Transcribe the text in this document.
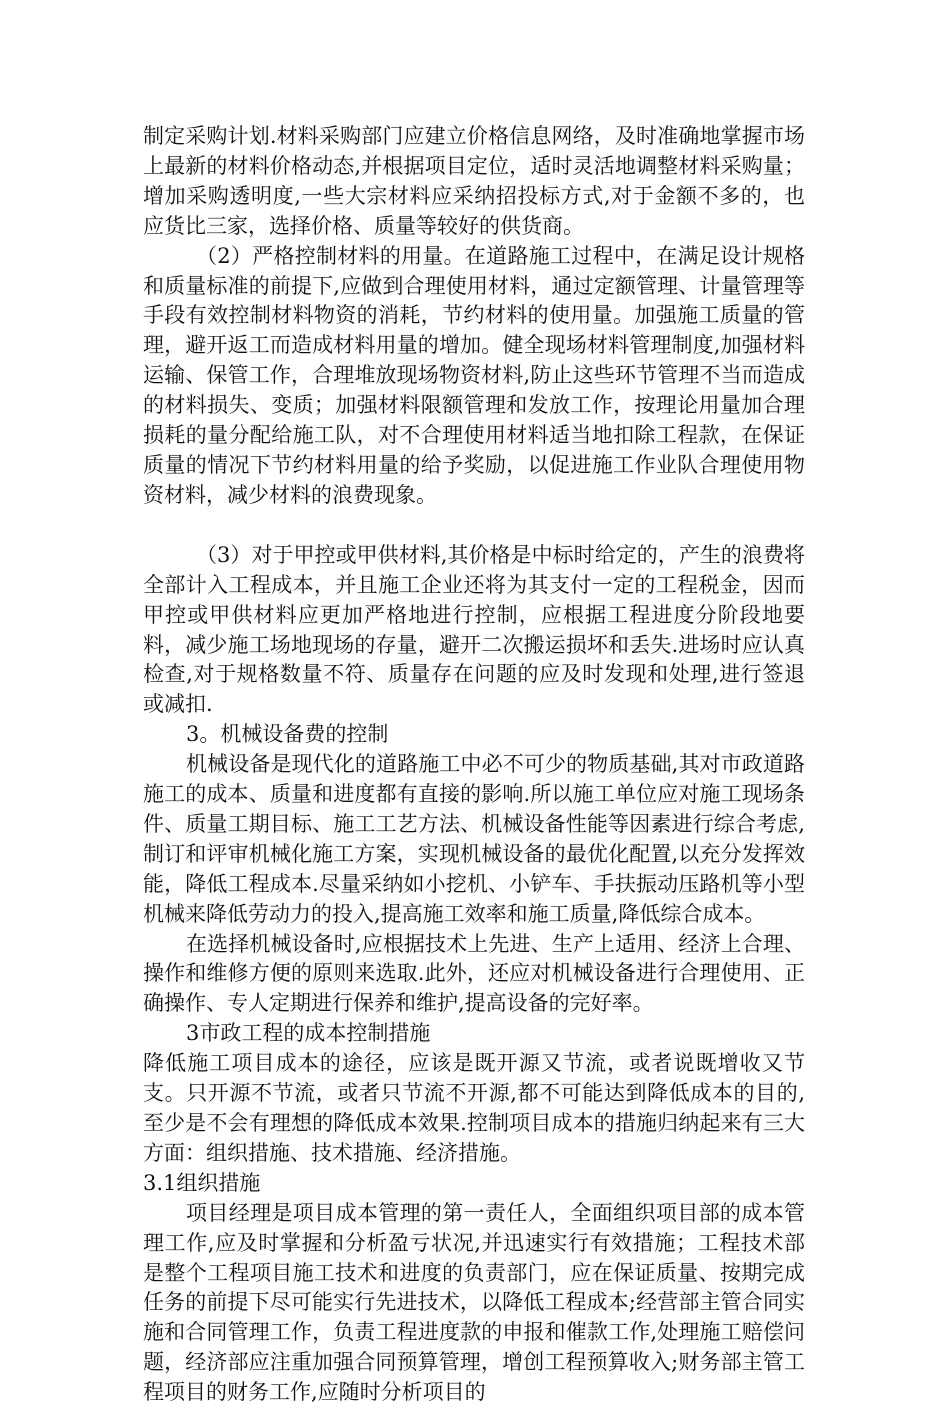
制定采购计划.材料采购部门应建立价格信息网络，及时准确地掌握市场上最新的材料价格动态,并根据项目定位，适时灵活地调整材料采购量；增加采购透明度,一些大宗材料应采纳招投标方式,对于金额不多的，也应货比三家，选择价格、质量等较好的供货商。

（2）严格控制材料的用量。在道路施工过程中，在满足设计规格和质量标准的前提下,应做到合理使用材料，通过定额管理、计量管理等手段有效控制材料物资的消耗，节约材料的使用量。加强施工质量的管理，避开返工而造成材料用量的增加。健全现场材料管理制度,加强材料运输、保管工作，合理堆放现场物资材料,防止这些环节管理不当而造成的材料损失、变质；加强材料限额管理和发放工作，按理论用量加合理损耗的量分配给施工队，对不合理使用材料适当地扣除工程款，在保证质量的情况下节约材料用量的给予奖励，以促进施工作业队合理使用物资材料，减少材料的浪费现象。

（3）对于甲控或甲供材料,其价格是中标时给定的，产生的浪费将全部计入工程成本，并且施工企业还将为其支付一定的工程税金，因而甲控或甲供材料应更加严格地进行控制，应根据工程进度分阶段地要料，减少施工场地现场的存量，避开二次搬运损坏和丢失.进场时应认真检查,对于规格数量不符、质量存在问题的应及时发现和处理,进行签退或减扣.

3。机械设备费的控制

机械设备是现代化的道路施工中必不可少的物质基础,其对市政道路施工的成本、质量和进度都有直接的影响.所以施工单位应对施工现场条件、质量工期目标、施工工艺方法、机械设备性能等因素进行综合考虑,制订和评审机械化施工方案，实现机械设备的最优化配置,以充分发挥效能，降低工程成本.尽量采纳如小挖机、小铲车、手扶振动压路机等小型机械来降低劳动力的投入,提高施工效率和施工质量,降低综合成本。

在选择机械设备时,应根据技术上先进、生产上适用、经济上合理、操作和维修方便的原则来选取.此外，还应对机械设备进行合理使用、正确操作、专人定期进行保养和维护,提高设备的完好率。

3市政工程的成本控制措施

降低施工项目成本的途径，应该是既开源又节流，或者说既增收又节支。只开源不节流，或者只节流不开源,都不可能达到降低成本的目的,至少是不会有理想的降低成本效果.控制项目成本的措施归纳起来有三大方面：组织措施、技术措施、经济措施。

3.1组织措施

项目经理是项目成本管理的第一责任人，全面组织项目部的成本管理工作,应及时掌握和分析盈亏状况,并迅速实行有效措施；工程技术部是整个工程项目施工技术和进度的负责部门，应在保证质量、按期完成任务的前提下尽可能实行先进技术，以降低工程成本;经营部主管合同实施和合同管理工作，负责工程进度款的申报和催款工作,处理施工赔偿问题，经济部应注重加强合同预算管理，增创工程预算收入;财务部主管工程项目的财务工作,应随时分析项目的
